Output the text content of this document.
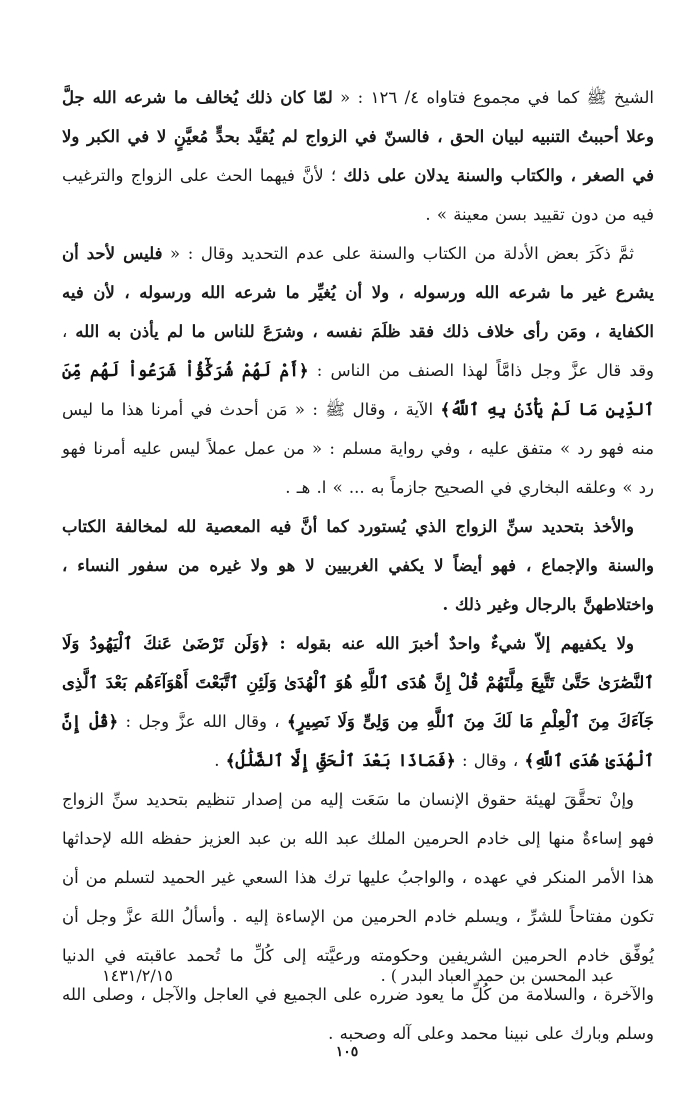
الشيخ ﷺ كما في مجموع فتاواه ٤/ ١٢٦ : « لمّا كان ذلك يُخالف ما شرعه الله جلَّ وعلا أحببتُ التنبيه لبيان الحق ، فالسنّ في الزواج لم يُقيَّد بحدٍّ مُعيَّنٍ لا في الكبر ولا في الصغر ، والكتاب والسنة يدلان على ذلك ؛ لأنَّ فيهما الحث على الزواج والترغيب فيه من دون تقييد بسن معينة » .

ثمَّ ذكَرَ بعض الأدلة من الكتاب والسنة على عدم التحديد وقال : « فليس لأحد أن يشرع غير ما شرعه الله ورسوله ، ولا أن يُغيِّر ما شرعه الله ورسوله ، لأن فيه الكفاية ، ومَن رأى خلاف ذلك فقد ظلَمَ نفسه ، وشرَعَ للناس ما لم يأذن به الله ، وقد قال عزَّ وجل ذامَّاً لهذا الصنف من الناس : ﴿أَمْ لَهُمْ شُرَكَٰٓؤُاْ شَرَعُواْ لَهُم مِّنَ ٱلدِّينِ مَا لَمْ يَأْذَنۢ بِهِ ٱللَّهُ﴾ الآية ، وقال ﷺ : « مَن أحدث في أمرنا هذا ما ليس منه فهو رد » متفق عليه ، وفي رواية مسلم : « من عمل عملاً ليس عليه أمرنا فهو رد » وعلقه البخاري في الصحيح جازماً به ... » ا. هـ .

والأخذ بتحديد سنِّ الزواج الذي يُستورد كما أنَّ فيه المعصية لله لمخالفة الكتاب والسنة والإجماع ، فهو أيضاً لا يكفي الغربيين لا هو ولا غيره من سفور النساء ، واختلاطهنَّ بالرجال وغير ذلك .

ولا يكفيهم إلاّ شيءٌ واحدٌ أخبرَ الله عنه بقوله : ﴿وَلَن تَرْضَىٰ عَنكَ ٱلْيَهُودُ وَلَا ٱلنَّصَٰرَىٰ حَتَّىٰ تَتَّبِعَ مِلَّتَهُمْ قُلْ إِنَّ هُدَى ٱللَّهِ هُوَ ٱلْهُدَىٰ وَلَئِنِ ٱتَّبَعْتَ أَهْوَآءَهُم بَعْدَ ٱلَّذِى جَآءَكَ مِنَ ٱلْعِلْمِ مَا لَكَ مِنَ ٱللَّهِ مِن وَلِىٍّ وَلَا نَصِيرٍ﴾ ، وقال الله عزَّ وجل : ﴿قُلْ إِنَّ ٱلْهُدَىٰ هُدَى ٱللَّهِ﴾ ، وقال : ﴿فَمَاذَا بَعْدَ ٱلْحَقِّ إِلَّا ٱلضَّلَٰلُ﴾ .

وإنْ تحقَّقَ لهيئة حقوق الإنسان ما سَعَت إليه من إصدار تنظيم بتحديد سنِّ الزواج فهو إساءةٌ منها إلى خادم الحرمين الملك عبد الله بن عبد العزيز حفظه الله لإحداثها هذا الأمر المنكر في عهده ، والواجبُ عليها ترك هذا السعي غير الحميد لتسلم من أن تكون مفتاحاً للشرِّ ، ويسلم خادم الحرمين من الإساءة إليه . وأسألُ اللهَ عزَّ وجل أن يُوفِّق خادم الحرمين الشريفين وحكومته ورعيَّته إلى كُلِّ ما تُحمد عاقبته في الدنيا والآخرة ، والسلامة من كُلِّ ما يعود ضرره على الجميع في العاجل والآجل ، وصلى الله وسلم وبارك على نبينا محمد وعلى آله وصحبه .

عبد المحسن بن حمد العباد البدر ) .
١٤٣١/٢/١٥
١٠٥
